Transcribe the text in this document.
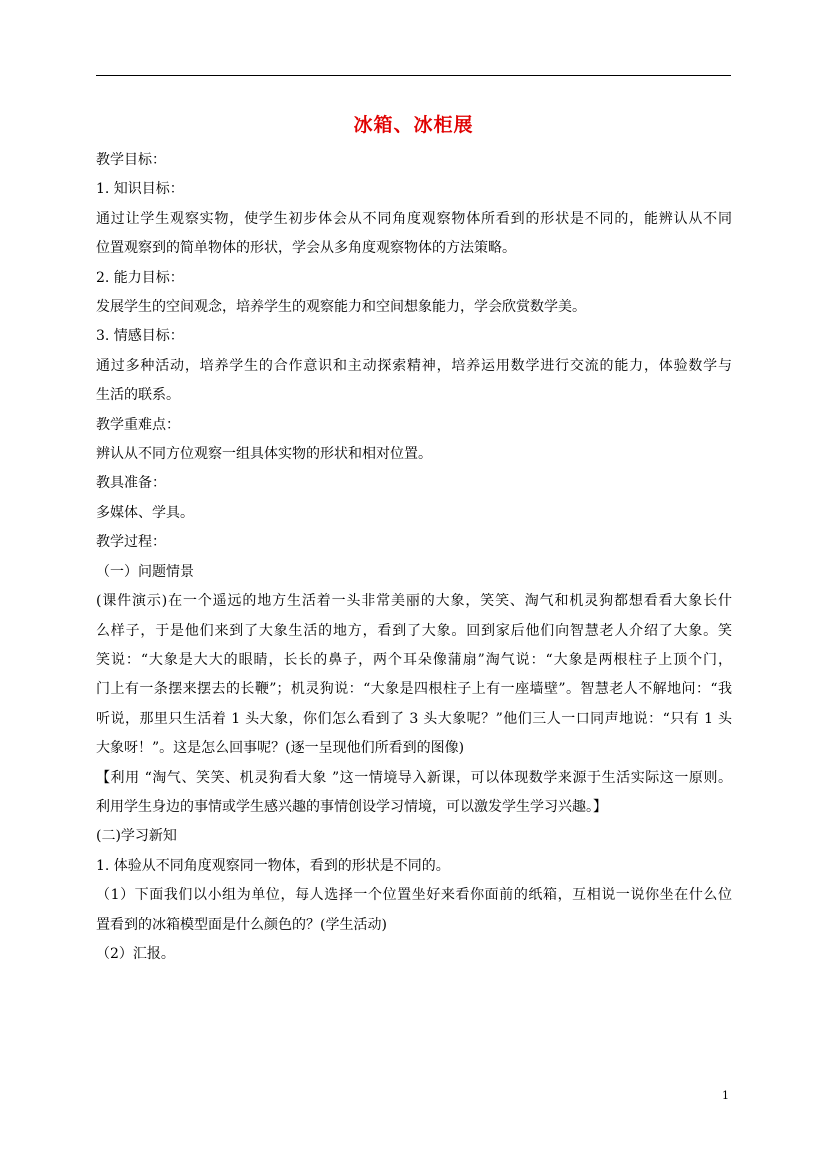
冰箱、冰柜展

教学目标：

1. 知识目标：

通过让学生观察实物，使学生初步体会从不同角度观察物体所看到的形状是不同的，能辨认从不同

位置观察到的简单物体的形状，学会从多角度观察物体的方法策略。

2. 能力目标：

发展学生的空间观念，培养学生的观察能力和空间想象能力，学会欣赏数学美。

3. 情感目标：

通过多种活动，培养学生的合作意识和主动探索精神，培养运用数学进行交流的能力，体验数学与

生活的联系。

教学重难点：

辨认从不同方位观察一组具体实物的形状和相对位置。

教具准备：

多媒体、学具。

教学过程：

（一）问题情景

(课件演示)在一个遥远的地方生活着一头非常美丽的大象，笑笑、淘气和机灵狗都想看看大象长什

么样子，于是他们来到了大象生活的地方，看到了大象。回到家后他们向智慧老人介绍了大象。笑

笑说：“大象是大大的眼睛，长长的鼻子，两个耳朵像蒲扇”淘气说：“大象是两根柱子上顶个门，

门上有一条摆来摆去的长鞭”；机灵狗说：“大象是四根柱子上有一座墙壁”。智慧老人不解地问：“我

听说，那里只生活着 1 头大象，你们怎么看到了 3 头大象呢？”他们三人一口同声地说：“只有 1 头

大象呀！”。这是怎么回事呢？(逐一呈现他们所看到的图像)

【利用 “淘气、笑笑、机灵狗看大象 ”这一情境导入新课，可以体现数学来源于生活实际这一原则。

利用学生身边的事情或学生感兴趣的事情创设学习情境，可以激发学生学习兴趣。】

(二)学习新知

1. 体验从不同角度观察同一物体，看到的形状是不同的。

（1）下面我们以小组为单位，每人选择一个位置坐好来看你面前的纸箱，互相说一说你坐在什么位

置看到的冰箱模型面是什么颜色的？(学生活动)

（2）汇报。

1
